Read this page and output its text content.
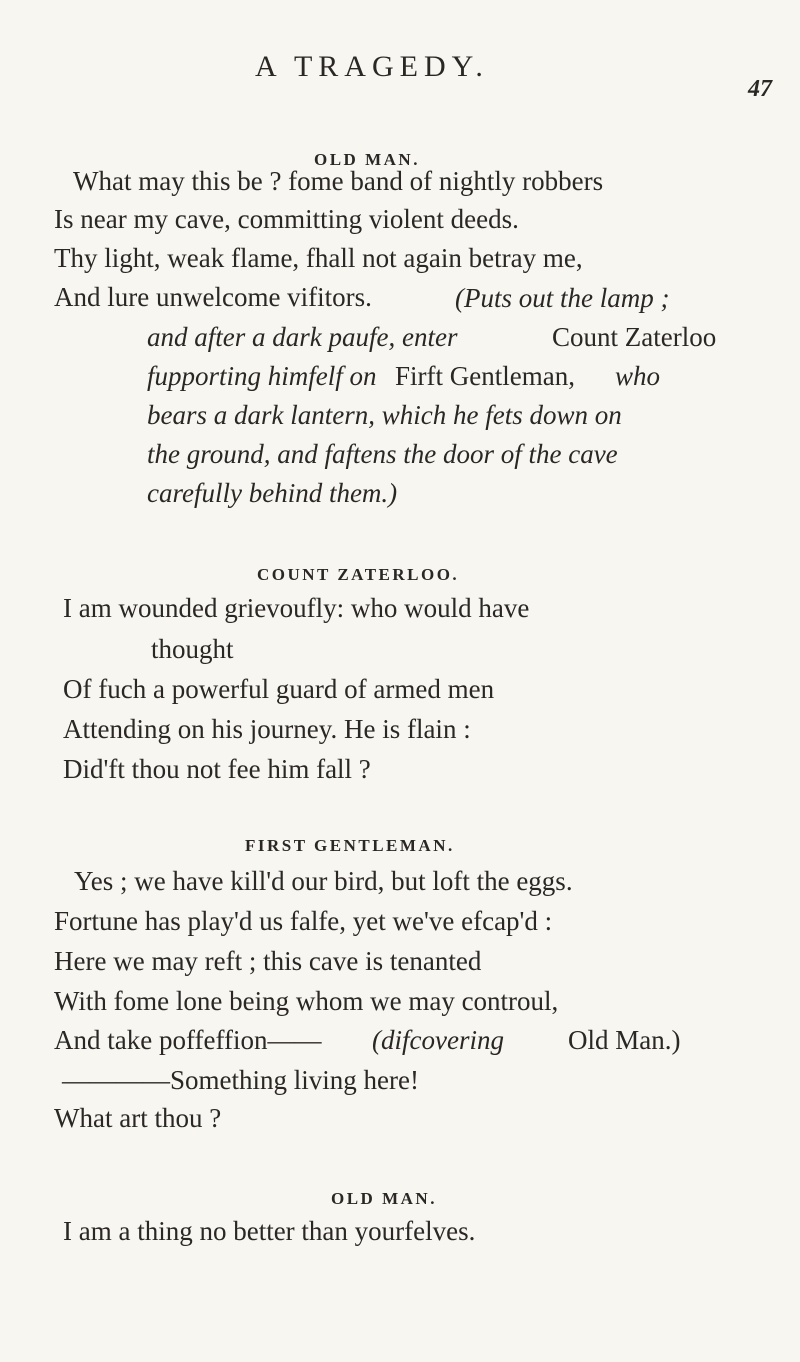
A TRAGEDY.
47
OLD MAN.
What may this be ? fome band of nightly robbers
Is near my cave, committing violent deeds.
Thy light, weak flame, fhall not again betray me,
And lure unwelcome vifitors.	(Puts out the lamp ;
and after a dark paufe, enter	Count Zaterloo
fupporting himfelf on Firft Gentleman, who
bears a dark lantern, which he fets down on
the ground, and faftens the door of the cave
carefully behind them.)
COUNT ZATERLOO.
I am wounded grievoufly: who would have
thought
Of fuch a powerful guard of armed men
Attending on his journey. He is flain :
Did'ft thou not fee him fall ?
FIRST GENTLEMAN.
Yes ; we have kill'd our bird, but loft the eggs.
Fortune has play'd us falfe, yet we've efcap'd :
Here we may reft ; this cave is tenanted
With fome lone being whom we may controul,
And take poffeffion—— (difcovering Old Man.)
————Something living here!
What art thou ?
OLD MAN.
I am a thing no better than yourfelves.
